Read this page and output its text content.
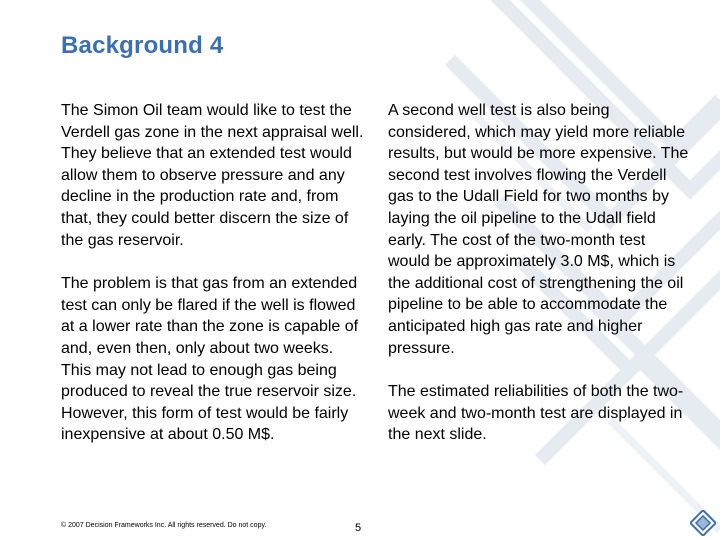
Background 4

The Simon Oil team would like to test the Verdell gas zone in the next appraisal well. They believe that an extended test would allow them to observe pressure and any decline in the production rate and, from that, they could better discern the size of the gas reservoir.

The problem is that gas from an extended test can only be flared if the well is flowed at a lower rate than the zone is capable of and, even then, only about two weeks. This may not lead to enough gas being produced to reveal the true reservoir size. However, this form of test would be fairly inexpensive at about 0.50 M$.

A second well test is also being considered, which may yield more reliable results, but would be more expensive. The second test involves flowing the Verdell gas to the Udall Field for two months by laying the oil pipeline to the Udall field early. The cost of the two-month test would be approximately 3.0 M$, which is the additional cost of strengthening the oil pipeline to be able to accommodate the anticipated high gas rate and higher pressure.

The estimated reliabilities of both the two-week and two-month test are displayed in the next slide.

© 2007 Decision Frameworks Inc. All rights reserved. Do not copy.	5
